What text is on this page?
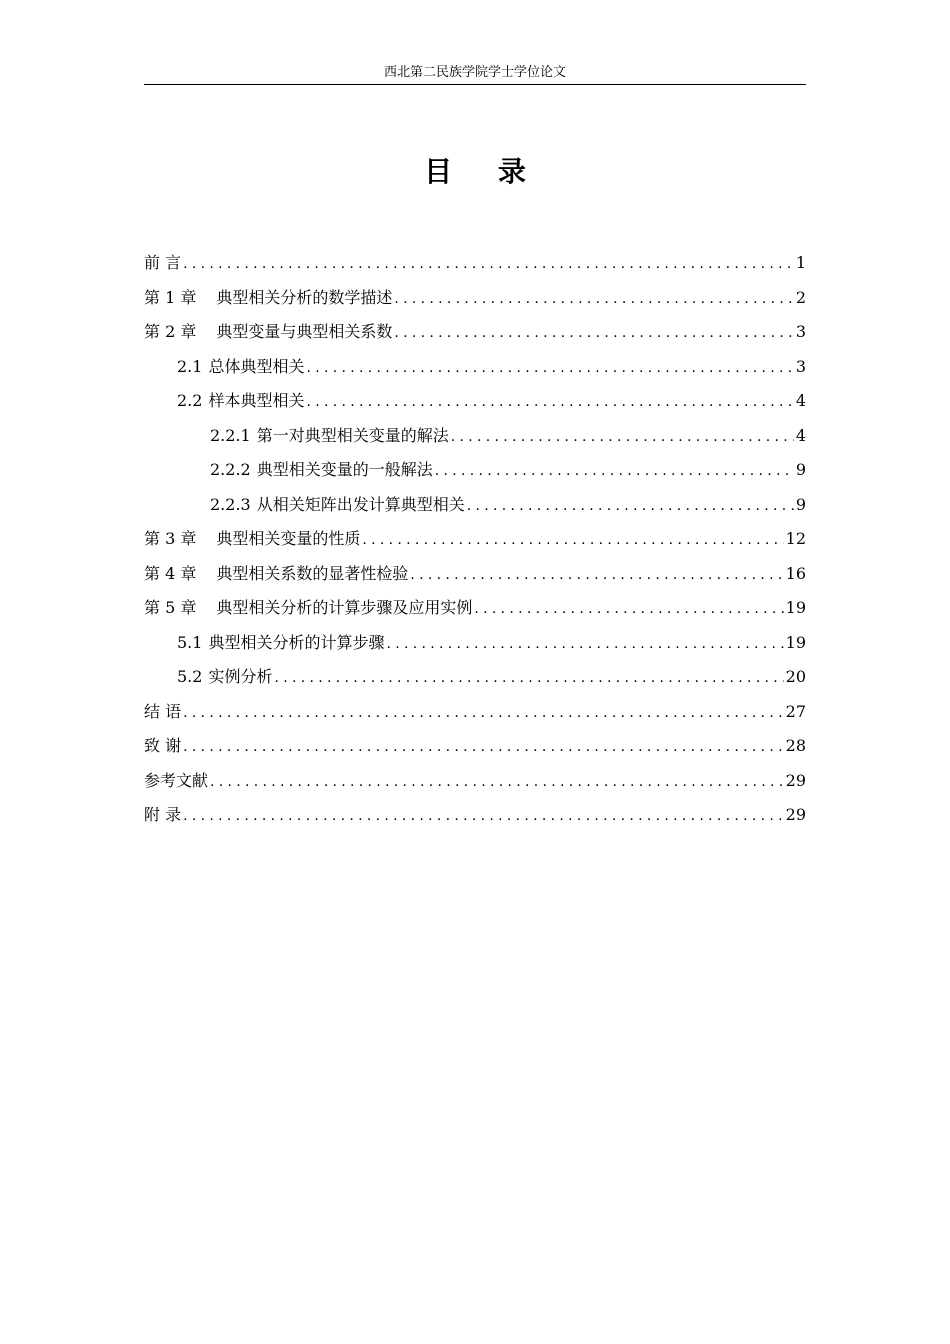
西北第二民族学院学士学位论文
目 录
前 言 .....	1
第 1 章 典型相关分析的数学描述 .....	2
第 2 章 典型变量与典型相关系数 .....	3
2.1 总体典型相关 .....	3
2.2 样本典型相关 .....	4
2.2.1 第一对典型相关变量的解法 .....	4
2.2.2 典型相关变量的一般解法 .....	9
2.2.3 从相关矩阵出发计算典型相关 .....	9
第 3 章 典型相关变量的性质 .....	12
第 4 章 典型相关系数的显著性检验 .....	16
第 5 章 典型相关分析的计算步骤及应用实例 .....	19
5.1 典型相关分析的计算步骤 .....	19
5.2 实例分析 .....	20
结 语 .....	27
致 谢 .....	28
参考文献 .....	29
附 录 .....	29
